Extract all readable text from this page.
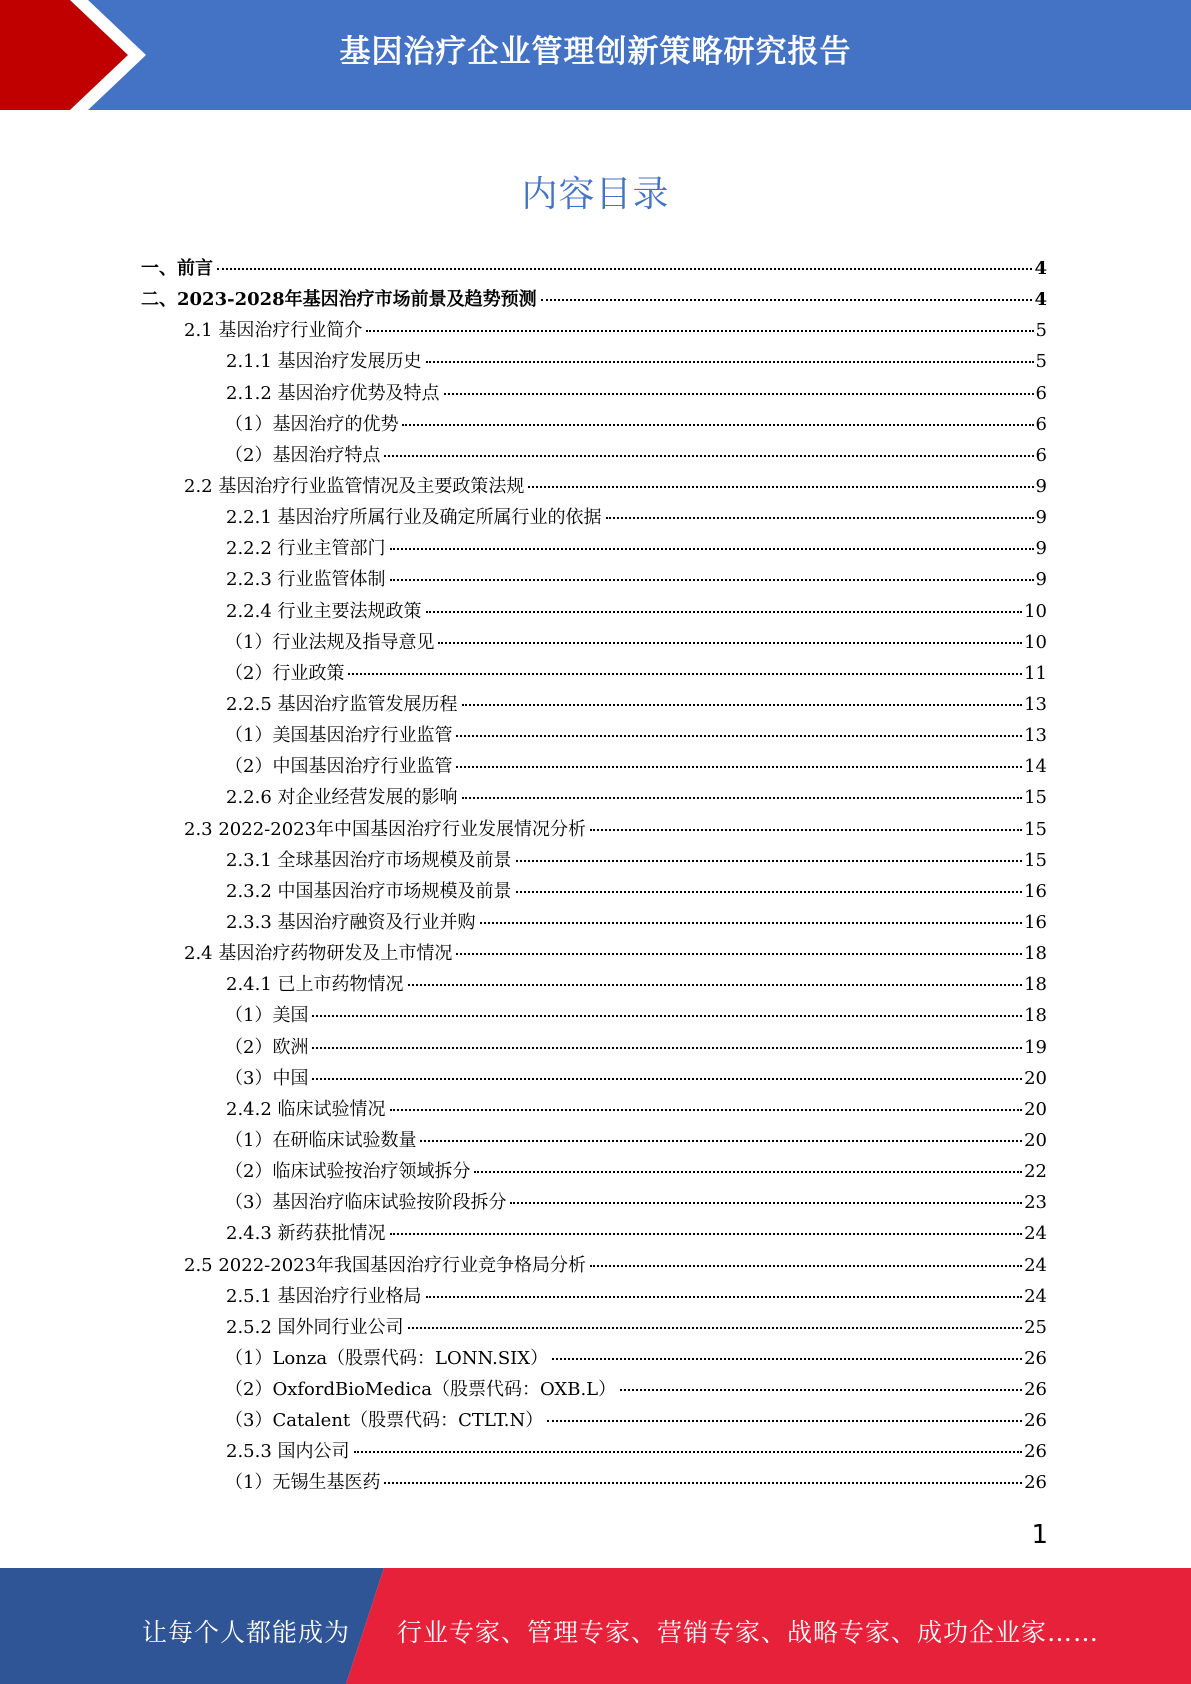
基因治疗企业管理创新策略研究报告
内容目录
一、前言	4
二、2023-2028年基因治疗市场前景及趋势预测	4
2.1 基因治疗行业简介	5
2.1.1 基因治疗发展历史	5
2.1.2 基因治疗优势及特点	6
（1）基因治疗的优势	6
（2）基因治疗特点	6
2.2 基因治疗行业监管情况及主要政策法规	9
2.2.1 基因治疗所属行业及确定所属行业的依据	9
2.2.2 行业主管部门	9
2.2.3 行业监管体制	9
2.2.4 行业主要法规政策	10
（1）行业法规及指导意见	10
（2）行业政策	11
2.2.5 基因治疗监管发展历程	13
（1）美国基因治疗行业监管	13
（2）中国基因治疗行业监管	14
2.2.6 对企业经营发展的影响	15
2.3 2022-2023年中国基因治疗行业发展情况分析	15
2.3.1 全球基因治疗市场规模及前景	15
2.3.2 中国基因治疗市场规模及前景	16
2.3.3 基因治疗融资及行业并购	16
2.4 基因治疗药物研发及上市情况	18
2.4.1 已上市药物情况	18
（1）美国	18
（2）欧洲	19
（3）中国	20
2.4.2 临床试验情况	20
（1）在研临床试验数量	20
（2）临床试验按治疗领域拆分	22
（3）基因治疗临床试验按阶段拆分	23
2.4.3 新药获批情况	24
2.5 2022-2023年我国基因治疗行业竞争格局分析	24
2.5.1 基因治疗行业格局	24
2.5.2 国外同行业公司	25
（1）Lonza（股票代码：LONN.SIX）	26
（2）OxfordBioMedica（股票代码：OXB.L）	26
（3）Catalent（股票代码：CTLT.N）	26
2.5.3 国内公司	26
（1）无锡生基医药	26
1
让每个人都能成为 行业专家、管理专家、营销专家、战略专家、成功企业家……
